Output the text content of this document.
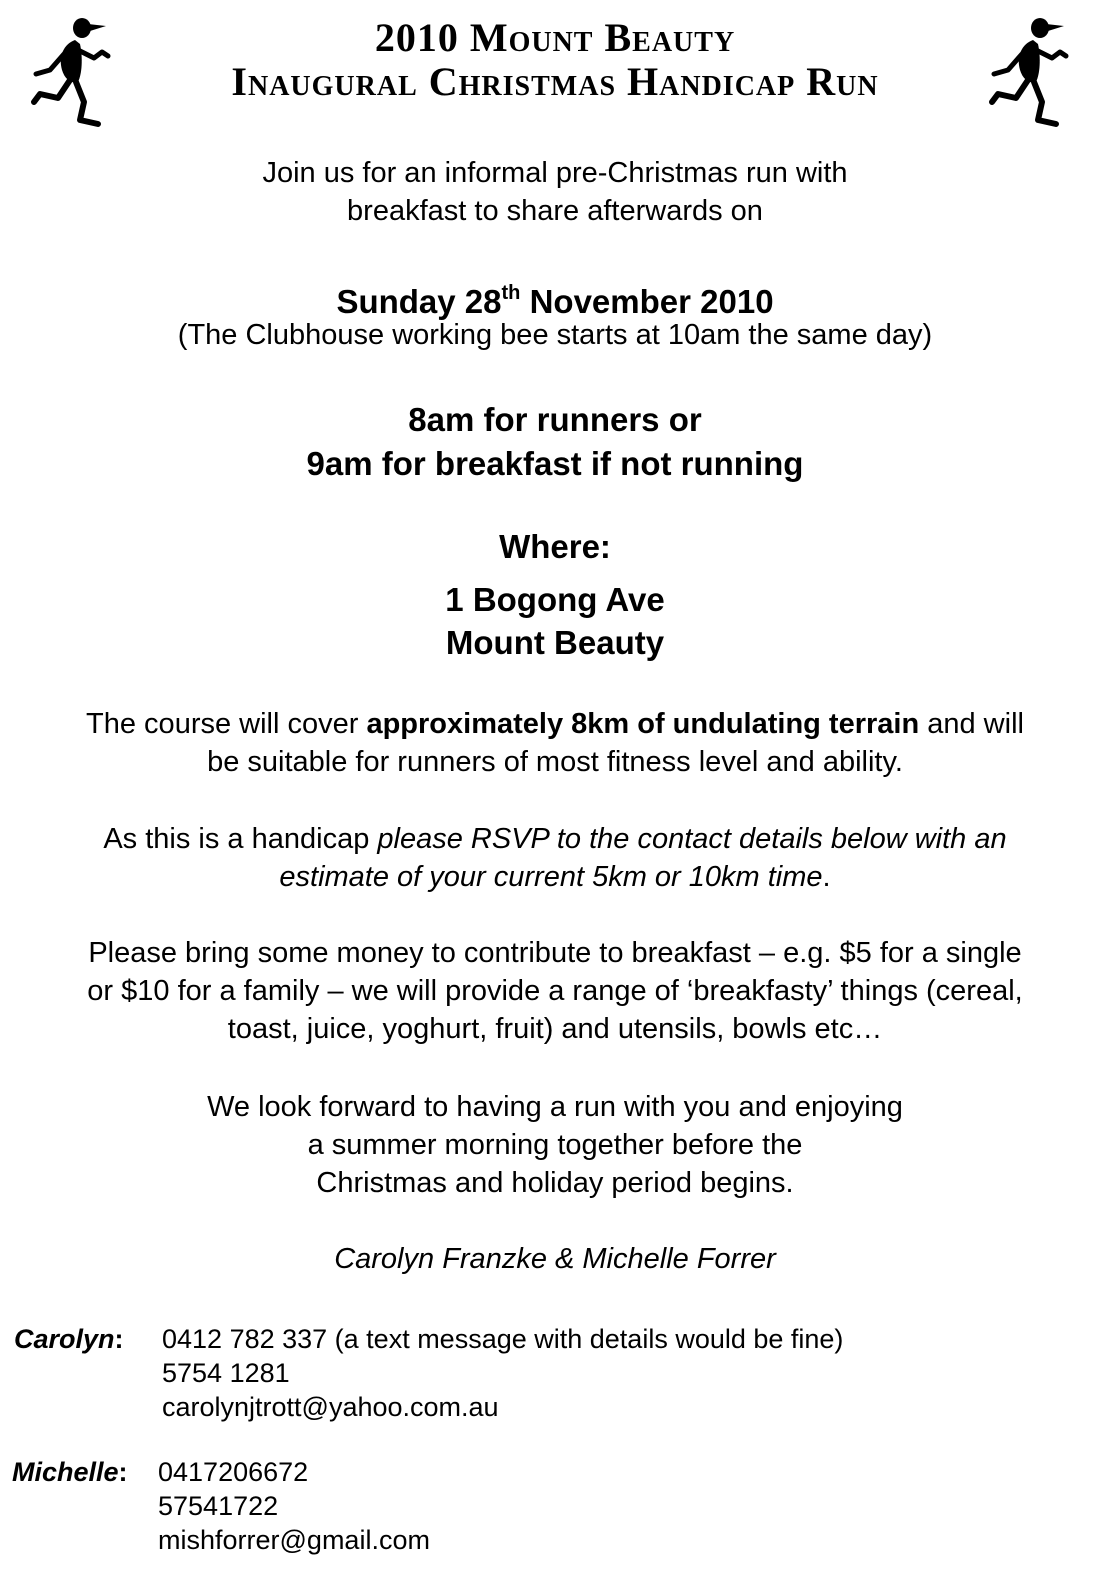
2010 Mount Beauty
Inaugural Christmas Handicap Run
Join us for an informal pre-Christmas run with
breakfast to share afterwards on
Sunday 28th November 2010
(The Clubhouse working bee starts at 10am the same day)
8am for runners or
9am for breakfast if not running
Where:
1 Bogong Ave
Mount Beauty
The course will cover approximately 8km of undulating terrain and will
be suitable for runners of most fitness level and ability.
As this is a handicap please RSVP to the contact details below with an
estimate of your current 5km or 10km time.
Please bring some money to contribute to breakfast – e.g. $5 for a single
or $10 for a family – we will provide a range of ‘breakfasty’ things (cereal,
toast, juice, yoghurt, fruit) and utensils, bowls etc…
We look forward to having a run with you and enjoying
a summer morning together before the
Christmas and holiday period begins.
Carolyn Franzke & Michelle Forrer
Carolyn: 0412 782 337 (a text message with details would be fine)
5754 1281
carolynjtrott@yahoo.com.au
Michelle: 0417206672
57541722
mishforrer@gmail.com
